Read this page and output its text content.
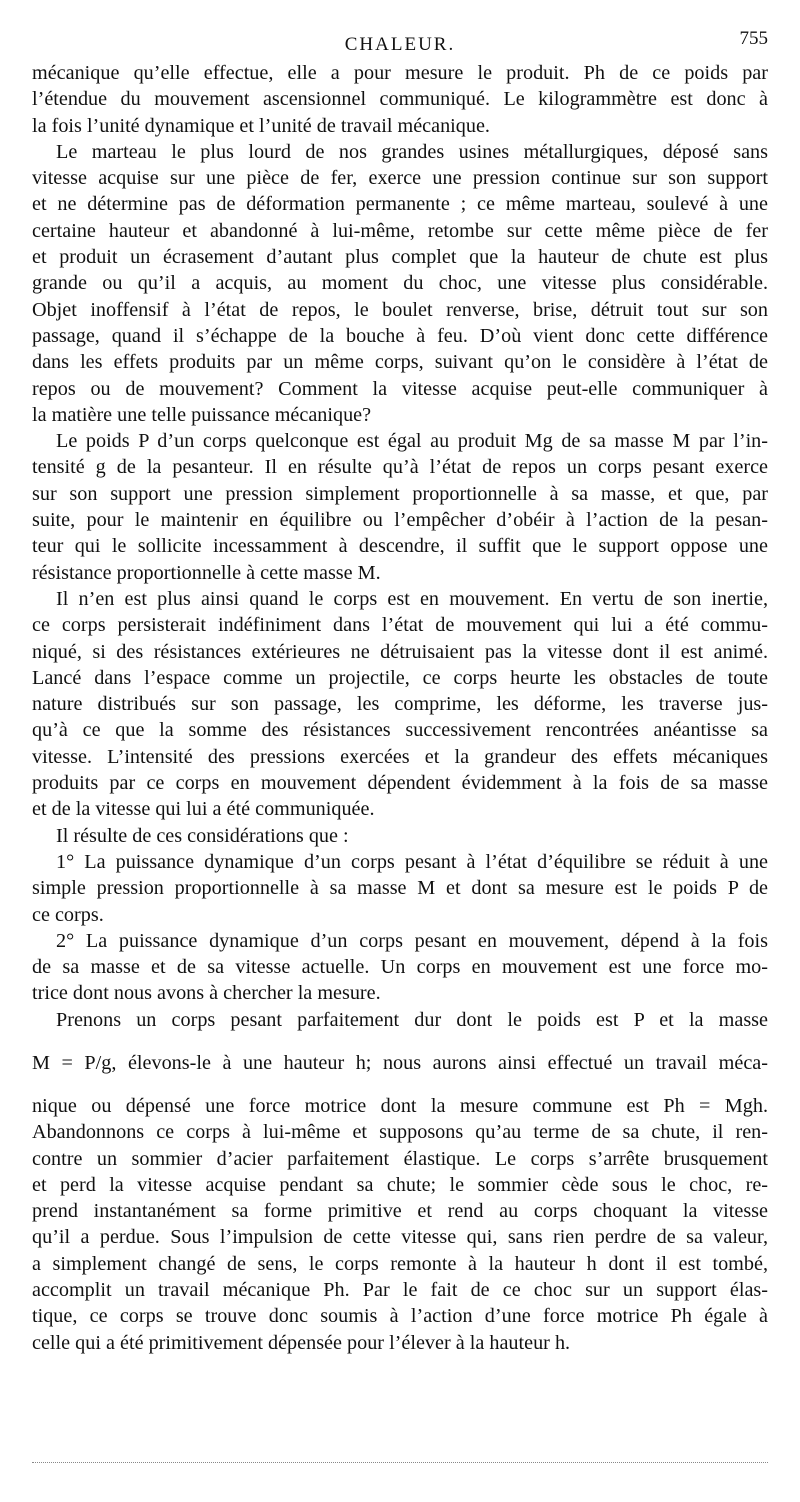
CHALEUR.	755
mécanique qu’elle effectue, elle a pour mesure le produit. Ph de ce poids par
l’étendue du mouvement ascensionnel communiqué. Le kilogrammètre est donc à
la fois l’unité dynamique et l’unité de travail mécanique.
Le marteau le plus lourd de nos grandes usines métallurgiques, déposé sans
vitesse acquise sur une pièce de fer, exerce une pression continue sur son support
et ne détermine pas de déformation permanente ; ce même marteau, soulevé à une
certaine hauteur et abandonné à lui-même, retombe sur cette même pièce de fer
et produit un écrasement d’autant plus complet que la hauteur de chute est plus
grande ou qu’il a acquis, au moment du choc, une vitesse plus considérable.
Objet inoffensif à l’état de repos, le boulet renverse, brise, détruit tout sur son
passage, quand il s’échappe de la bouche à feu. D’où vient donc cette différence
dans les effets produits par un même corps, suivant qu’on le considère à l’état de
repos ou de mouvement? Comment la vitesse acquise peut-elle communiquer à
la matière une telle puissance mécanique?
Le poids P d’un corps quelconque est égal au produit Mg de sa masse M par l’in-
tensité g de la pesanteur. Il en résulte qu’à l’état de repos un corps pesant exerce
sur son support une pression simplement proportionnelle à sa masse, et que, par
suite, pour le maintenir en équilibre ou l’empêcher d’obéir à l’action de la pesan-
teur qui le sollicite incessamment à descendre, il suffit que le support oppose une
résistance proportionnelle à cette masse M.
Il n’en est plus ainsi quand le corps est en mouvement. En vertu de son inertie,
ce corps persisterait indéfiniment dans l’état de mouvement qui lui a été commu-
niqué, si des résistances extérieures ne détruisaient pas la vitesse dont il est animé.
Lancé dans l’espace comme un projectile, ce corps heurte les obstacles de toute
nature distribués sur son passage, les comprime, les déforme, les traverse jus-
qu’à ce que la somme des résistances successivement rencontrées anéantisse sa
vitesse. L’intensité des pressions exercées et la grandeur des effets mécaniques
produits par ce corps en mouvement dépendent évidemment à la fois de sa masse
et de la vitesse qui lui a été communiquée.
Il résulte de ces considérations que :
1° La puissance dynamique d’un corps pesant à l’état d’équilibre se réduit à une
simple pression proportionnelle à sa masse M et dont sa mesure est le poids P de
ce corps.
2° La puissance dynamique d’un corps pesant en mouvement, dépend à la fois
de sa masse et de sa vitesse actuelle. Un corps en mouvement est une force mo-
trice dont nous avons à chercher la mesure.
Prenons un corps pesant parfaitement dur dont le poids est P et la masse
M = P/g, élevons-le à une hauteur h; nous aurons ainsi effectué un travail méca-
nique ou dépensé une force motrice dont la mesure commune est Ph = Mgh.
Abandonnons ce corps à lui-même et supposons qu’au terme de sa chute, il ren-
contre un sommier d’acier parfaitement élastique. Le corps s’arrête brusquement
et perd la vitesse acquise pendant sa chute; le sommier cède sous le choc, re-
prend instantanément sa forme primitive et rend au corps choquant la vitesse
qu’il a perdue. Sous l’impulsion de cette vitesse qui, sans rien perdre de sa valeur,
a simplement changé de sens, le corps remonte à la hauteur h dont il est tombé,
accomplit un travail mécanique Ph. Par le fait de ce choc sur un support élas-
tique, ce corps se trouve donc soumis à l’action d’une force motrice Ph égale à
celle qui a été primitivement dépensée pour l’élever à la hauteur h.
